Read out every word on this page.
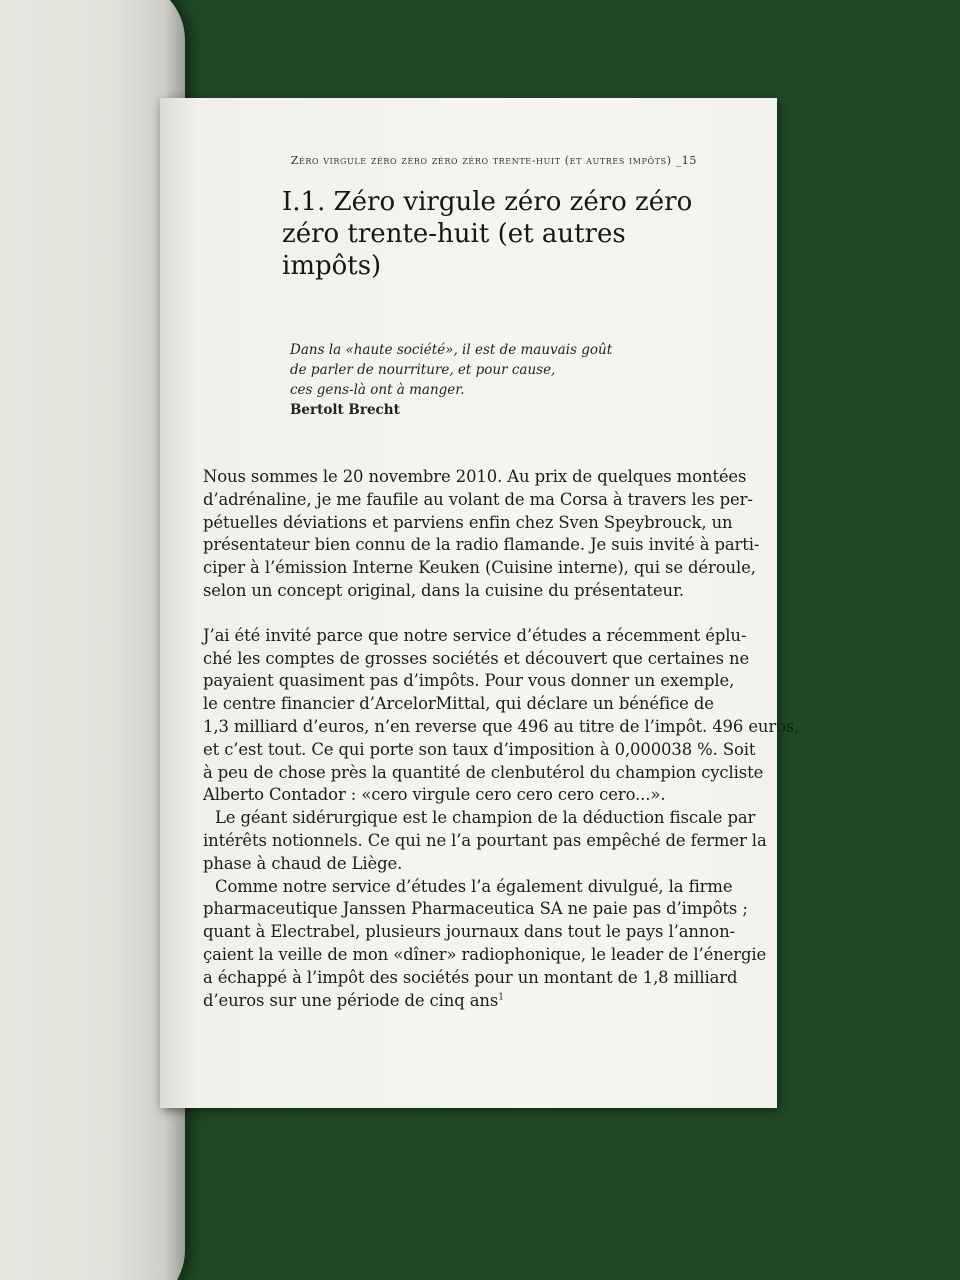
Zéro virgule zéro zéro zéro zéro trente-huit (et autres impôts) _15
I.1. Zéro virgule zéro zéro zéro
zéro trente-huit (et autres impôts)
Dans la «haute société», il est de mauvais goût
de parler de nourriture, et pour cause,
ces gens-là ont à manger.
Bertolt Brecht

Nous sommes le 20 novembre 2010. Au prix de quelques montées
d’adrénaline, je me faufile au volant de ma Corsa à travers les per-
pétuelles déviations et parviens enfin chez Sven Speybrouck, un
présentateur bien connu de la radio flamande. Je suis invité à parti-
ciper à l’émission Interne Keuken (Cuisine interne), qui se déroule,
selon un concept original, dans la cuisine du présentateur.

J’ai été invité parce que notre service d’études a récemment éplu-
ché les comptes de grosses sociétés et découvert que certaines ne
payaient quasiment pas d’impôts. Pour vous donner un exemple,
le centre financier d’ArcelorMittal, qui déclare un bénéfice de
1,3 milliard d’euros, n’en reverse que 496 au titre de l’impôt. 496 euros,
et c’est tout. Ce qui porte son taux d’imposition à 0,000038 %. Soit
à peu de chose près la quantité de clenbutérol du champion cycliste
Alberto Contador : «cero virgule cero cero cero cero...».

Le géant sidérurgique est le champion de la déduction fiscale par
intérêts notionnels. Ce qui ne l’a pourtant pas empêché de fermer la
phase à chaud de Liège.

Comme notre service d’études l’a également divulgué, la firme
pharmaceutique Janssen Pharmaceutica SA ne paie pas d’impôts ;
quant à Electrabel, plusieurs journaux dans tout le pays l’annon-
çaient la veille de mon «dîner» radiophonique, le leader de l’énergie
a échappé à l’impôt des sociétés pour un montant de 1,8 milliard
d’euros sur une période de cinq ans$^1$
